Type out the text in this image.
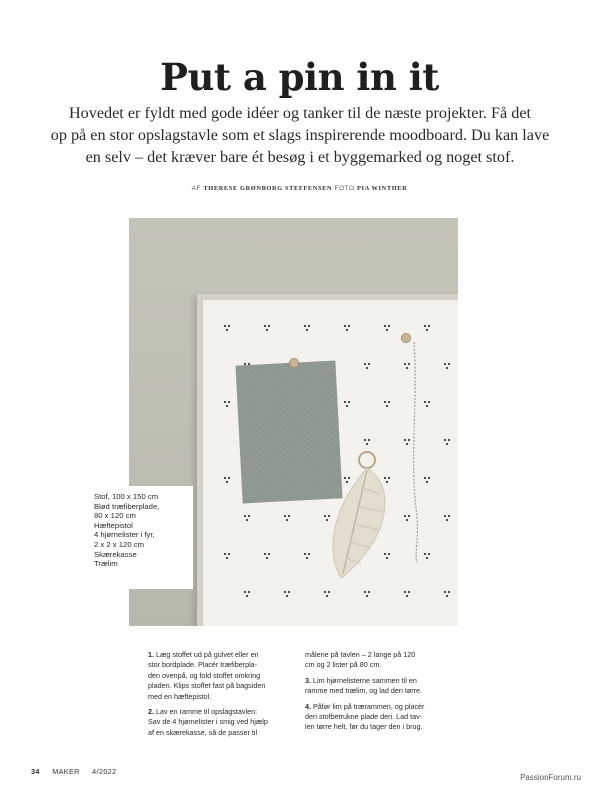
Put a pin in it
Hovedet er fyldt med gode idéer og tanker til de næste projekter. Få det
op på en stor opslagstavle som et slags inspirerende moodboard. Du kan lave
en selv – det kræver bare ét besøg i et byggemarked og noget stof.
AF THERESE GRØNBORG STEFFENSEN FOTO PIA WINTHER
Stof, 100 x 150 cm
Blød træfiberplade,
80 x 120 cm
Hæftepistol
4 hjørnelister i fyr,
2 x 2 x 120 cm
Skærekasse
Trælim

1. Læg stoffet ud på gulvet eller en
stor bordplade. Placér træfiberpla-
den ovenpå, og fold stoffet omkring
pladen. Klips stoffet fast på bagsiden
med en hæftepistol.

2. Lav en ramme til opslagstavlen:
Sav de 4 hjørnelister i smig ved hjælp
af en skærekasse, så de passer til

målene på tavlen – 2 lange på 120
cm og 2 lister på 80 cm.

3. Lim hjørnelisterne sammen til en
ramme med trælim, og lad den tørre.

4. Påfør lim på trærammen, og placér
den stofbetrukne plade deri. Lad tav-
len tørre helt, før du tager den i brug.

34 MAKER 4/2022
PassionForum.ru
